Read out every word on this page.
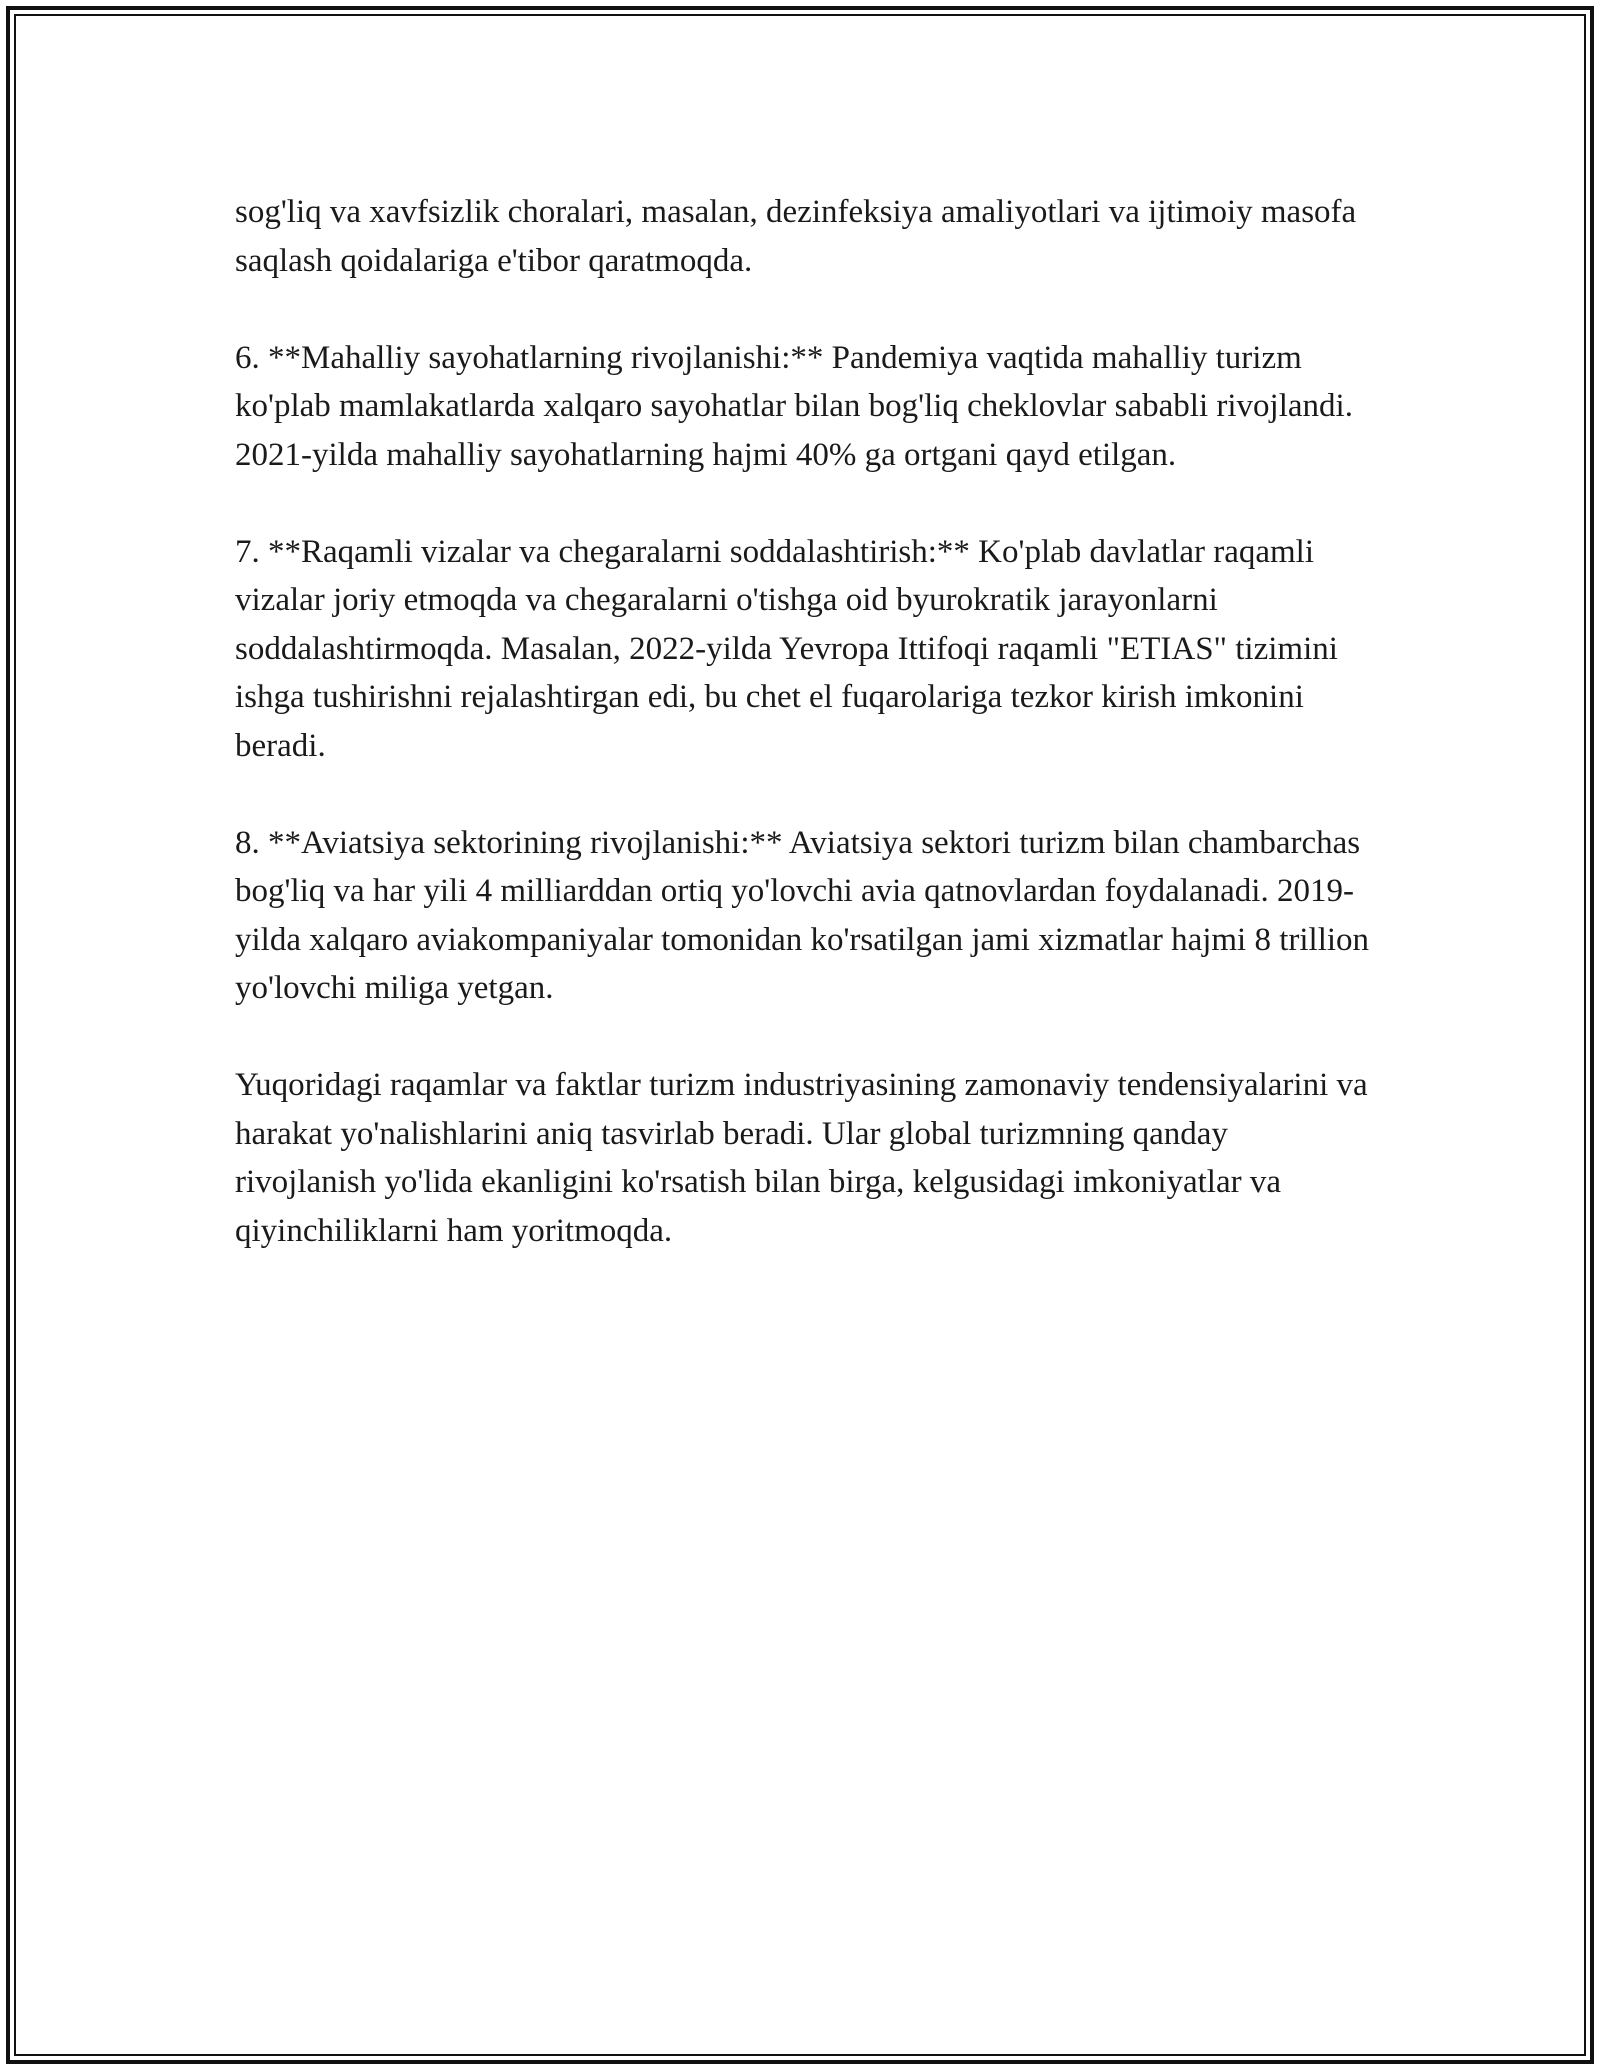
sog'liq va xavfsizlik choralari, masalan, dezinfeksiya amaliyotlari va ijtimoiy masofa saqlash qoidalariga e'tibor qaratmoqda.

6. **Mahalliy sayohatlarning rivojlanishi:** Pandemiya vaqtida mahalliy turizm ko'plab mamlakatlarda xalqaro sayohatlar bilan bog'liq cheklovlar sababli rivojlandi. 2021-yilda mahalliy sayohatlarning hajmi 40% ga ortgani qayd etilgan.

7. **Raqamli vizalar va chegaralarni soddalashtirish:** Ko'plab davlatlar raqamli vizalar joriy etmoqda va chegaralarni o'tishga oid byurokratik jarayonlarni soddalashtirmoqda. Masalan, 2022-yilda Yevropa Ittifoqi raqamli "ETIAS" tizimini ishga tushirishni rejalashtirgan edi, bu chet el fuqarolariga tezkor kirish imkonini beradi.

8. **Aviatsiya sektorining rivojlanishi:** Aviatsiya sektori turizm bilan chambarchas bog'liq va har yili 4 milliarddan ortiq yo'lovchi avia qatnovlardan foydalanadi. 2019-yilda xalqaro aviakompaniyalar tomonidan ko'rsatilgan jami xizmatlar hajmi 8 trillion yo'lovchi miliga yetgan.

Yuqoridagi raqamlar va faktlar turizm industriyasining zamonaviy tendensiyalarini va harakat yo'nalishlarini aniq tasvirlab beradi. Ular global turizmning qanday rivojlanish yo'lida ekanligini ko'rsatish bilan birga, kelgusidagi imkoniyatlar va qiyinchiliklarni ham yoritmoqda.
